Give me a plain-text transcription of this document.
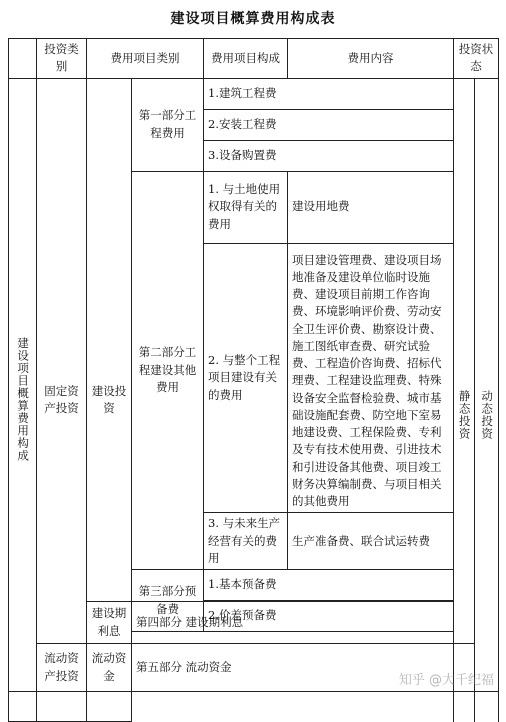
建设项目概算费用构成表
	投资类别	费用项目类别		费用项目构成	费用内容	投资状态	
建设项目概算费用构成	固定资产投资	建设投资	第一部分工程费用	1.建筑工程费			
				2.安装工程费		静态投资	动态投资
				3.设备购置费			
			第二部分工程建设其他费用	1. 与土地使用权取得有关的费用	建设用地费		
				2. 与整个工程项目建设有关的费用	项目建设管理费、建设项目场地准备及建设单位临时设施费、建设项目前期工作咨询费、环境影响评价费、劳动安全卫生评价费、勘察设计费、施工图纸审查费、研究试验费、工程造价咨询费、招标代理费、工程建设监理费、特殊设备安全监督检验费、城市基础设施配套费、防空地下室易地建设费、工程保险费、专利及专有技术使用费、引进技术和引进设备其他费、项目竣工财务决算编制费、与项目相关的其他费用		
				3. 与未来生产经营有关的费用	生产准备费、联合试运转费		
			第三部分预备费	1.基本预备费			
				2.价差预备费			

		建设期利息	第四部分 建设期利息		
	流动资产投资	流动资金	第五部分 流动资金		
知乎 @大千纪福
